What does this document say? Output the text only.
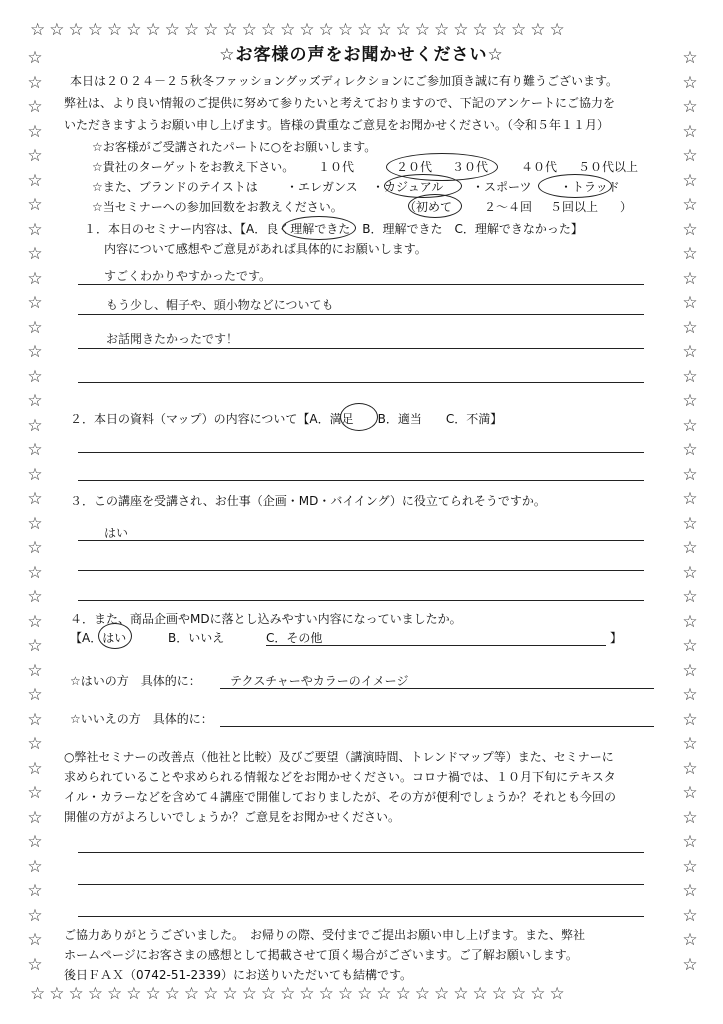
☆☆☆☆☆☆☆☆☆☆☆☆☆☆☆☆☆☆☆☆☆☆☆☆☆☆☆☆
☆☆☆☆☆☆☆☆☆☆☆☆☆☆☆☆☆☆☆☆☆☆☆☆☆☆☆☆
☆
☆
☆
☆
☆
☆
☆
☆
☆
☆
☆
☆
☆
☆
☆
☆
☆
☆
☆
☆
☆
☆
☆
☆
☆
☆
☆
☆
☆
☆
☆
☆
☆
☆
☆
☆
☆
☆
☆
☆
☆
☆
☆
☆
☆
☆
☆
☆
☆
☆
☆
☆
☆
☆
☆
☆
☆
☆
☆
☆
☆
☆
☆
☆
☆
☆
☆
☆
☆
☆
☆
☆
☆
☆
☆
☆
☆お客様の声をお聞かせください☆
本日は２０２４－２５秋冬ファッショングッズディレクションにご参加頂き誠に有り難うございます。
弊社は、より良い情報のご提供に努めて参りたいと考えておりますので、下記のアンケートにご協力を
いただきますようお願い申し上げます。皆様の貴重なご意見をお聞かせください。（令和５年１１月）
☆お客様がご受講されたパートに○をお願いします。
☆貴社のターゲットをお教え下さい。 １０代	２０代 ３０代	４０代 ５０代以上
☆また、ブランドのテイストは ・エレガンス ・カジュアル ・スポーツ ・トラッド
☆当セミナーへの参加回数をお教えください。	（初めて	２～４回 ５回以上 ）
１．本日のセミナー内容は、【A．良く理解できた　B．理解できた　C．理解できなかった】
内容について感想やご意見があれば具体的にお願いします。
すごくわかりやすかったです。
もう少し、帽子や、頭小物などについても
お話聞きたかったです！
２．本日の資料（マップ）の内容について【A．満足　　B．適当　　C．不満】
３．この講座を受講され、お仕事（企画・MD・バイイング）に役立てられそうですか。
はい
４．また、商品企画やMDに落とし込みやすい内容になっていましたか。
【A．はい	B．いいえ	C．その他	】
☆はいの方　具体的に： テクスチャーやカラーのイメージ
☆いいえの方　具体的に：
○弊社セミナーの改善点（他社と比較）及びご要望（講演時間、トレンドマップ等）また、セミナーに
求められていることや求められる情報などをお聞かせください。コロナ禍では、１０月下旬にテキスタ
イル・カラーなどを含めて４講座で開催しておりましたが、その方が便利でしょうか？それとも今回の
開催の方がよろしいでしょうか？ご意見をお聞かせください。
ご協力ありがとうございました。　お帰りの際、受付までご提出お願い申し上げます。また、弊社
ホームページにお客さまの感想として掲載させて頂く場合がございます。ご了解お願いします。
後日ＦＡＸ（0742-51-2339）にお送りいただいても結構です。
